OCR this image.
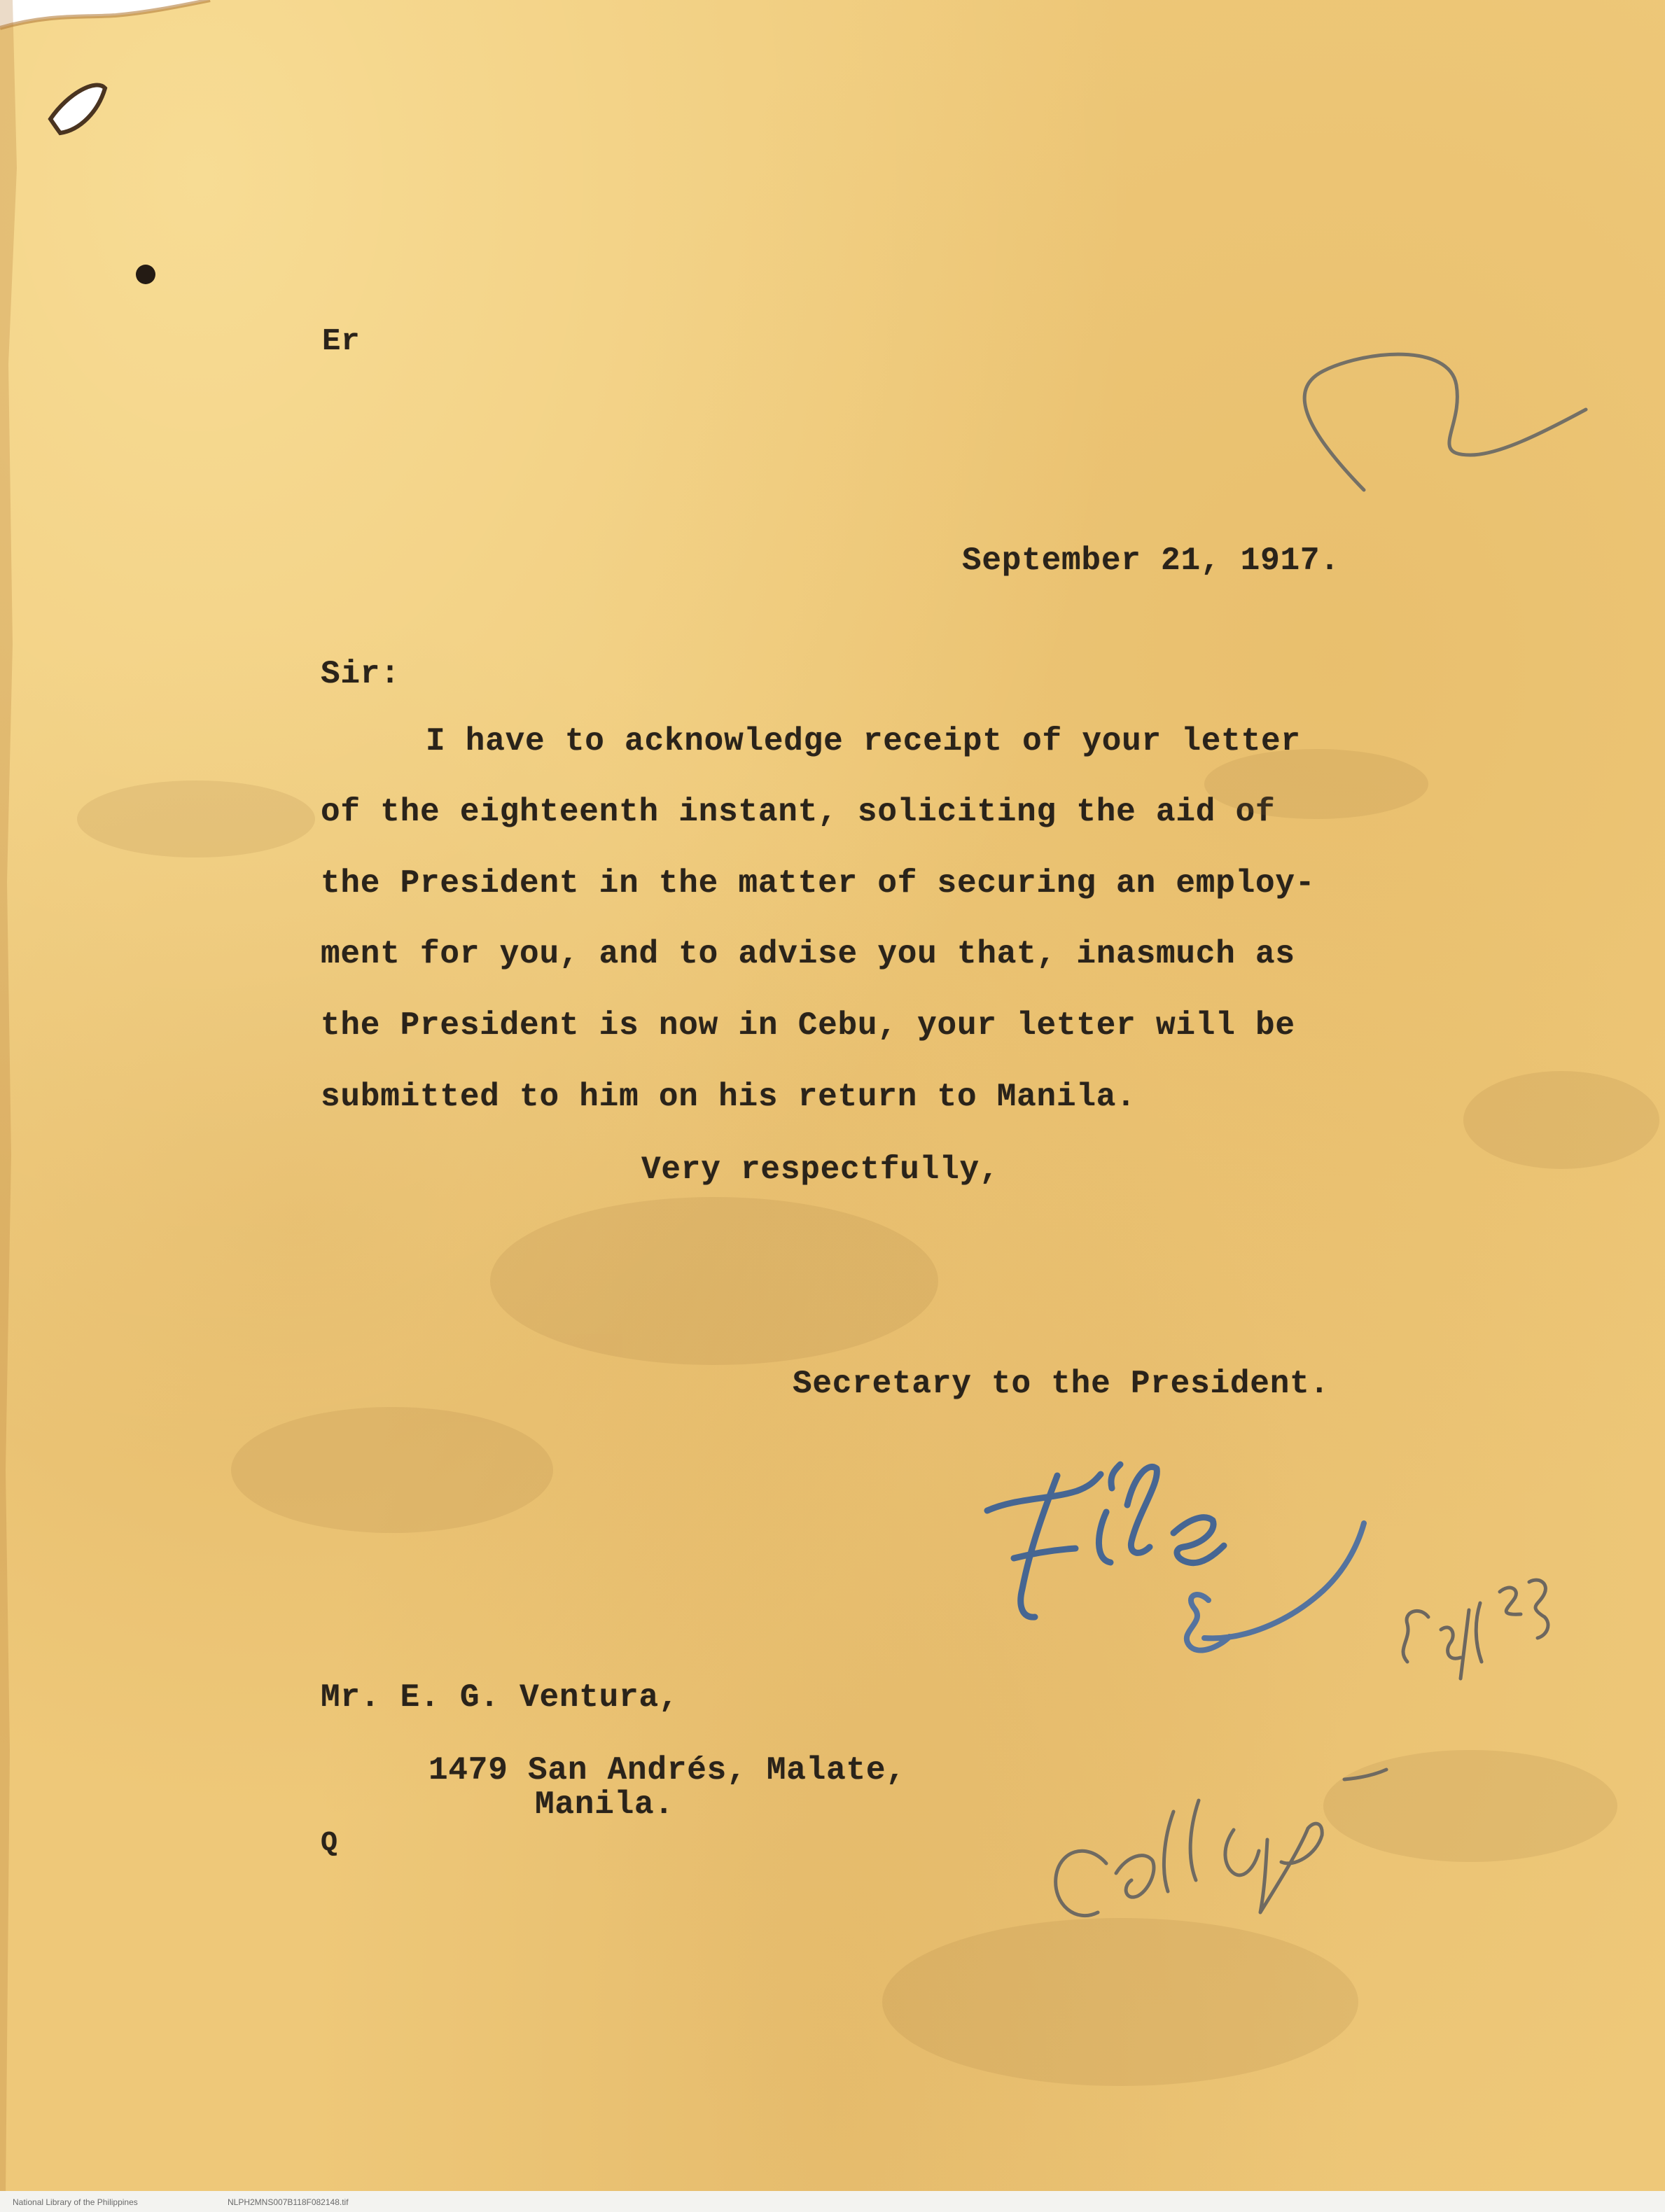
Er
September 21, 1917.
Sir:
I have to acknowledge receipt of your letter
of the eighteenth instant, soliciting the aid of
the President in the matter of securing an employ-
ment for you, and to advise you that, inasmuch as
the President is now in Cebu, your letter will be
submitted to him on his return to Manila.
Very respectfully,
Secretary to the President.
Mr. E. G. Ventura,
1479 San Andrés, Malate,
Manila.
Q
National Library of the Philippines	NLPH2MNS007B118F082148.tif
